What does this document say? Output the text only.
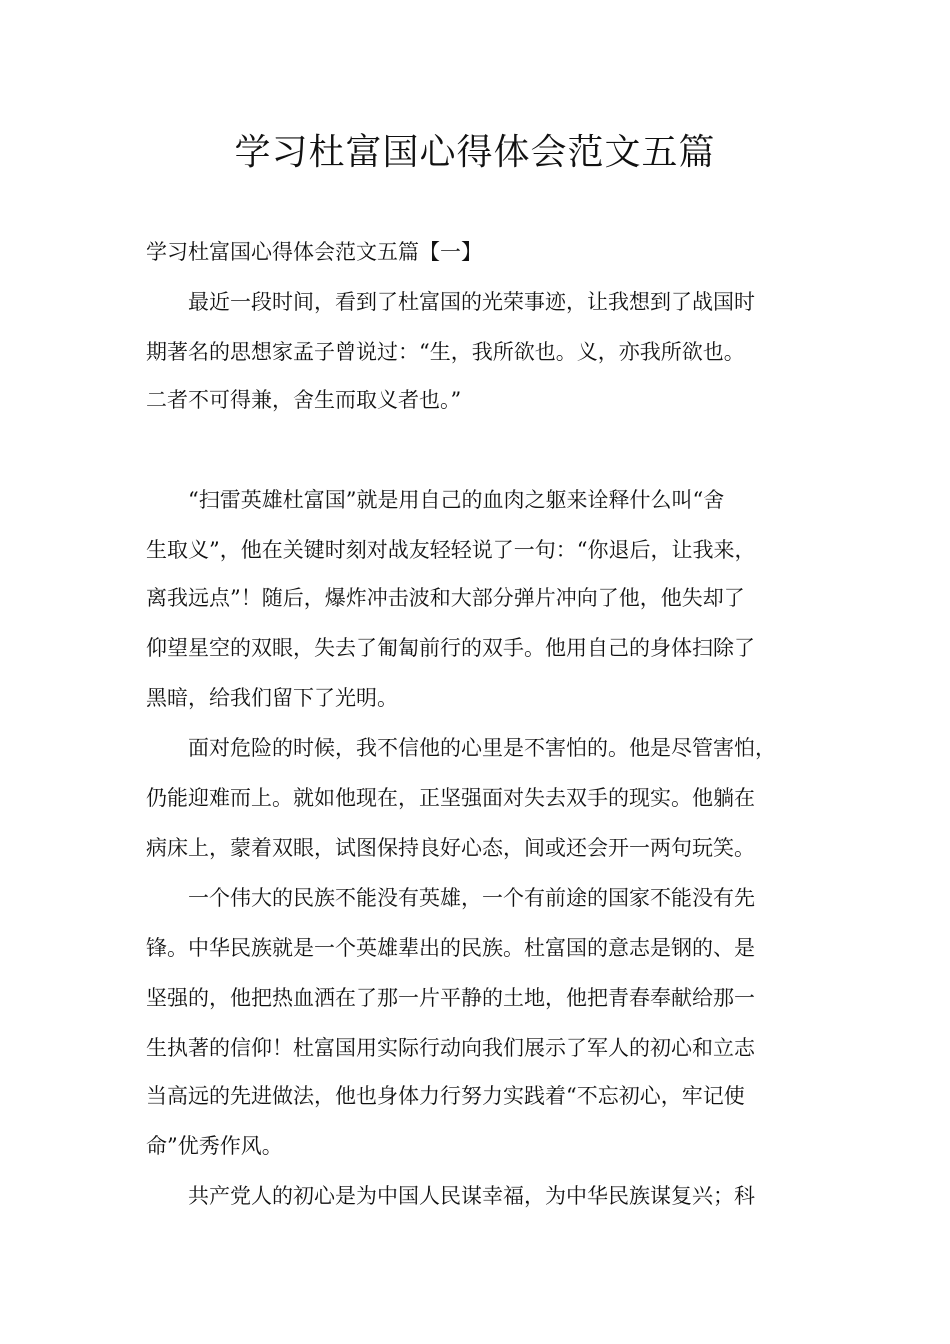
学习杜富国心得体会范文五篇

学习杜富国心得体会范文五篇【一】

最近一段时间，看到了杜富国的光荣事迹，让我想到了战国时
期著名的思想家孟子曾说过：“生，我所欲也。义，亦我所欲也。
二者不可得兼，舍生而取义者也。”
“扫雷英雄杜富国”就是用自己的血肉之躯来诠释什么叫“舍
生取义”，他在关键时刻对战友轻轻说了一句：“你退后，让我来，
离我远点”！随后，爆炸冲击波和大部分弹片冲向了他，他失却了
仰望星空的双眼，失去了匍匐前行的双手。他用自己的身体扫除了
黑暗，给我们留下了光明。
面对危险的时候，我不信他的心里是不害怕的。他是尽管害怕，
仍能迎难而上。就如他现在，正坚强面对失去双手的现实。他躺在
病床上，蒙着双眼，试图保持良好心态，间或还会开一两句玩笑。
一个伟大的民族不能没有英雄，一个有前途的国家不能没有先
锋。中华民族就是一个英雄辈出的民族。杜富国的意志是钢的、是
坚强的，他把热血洒在了那一片平静的土地，他把青春奉献给那一
生执著的信仰！杜富国用实际行动向我们展示了军人的初心和立志
当高远的先进做法，他也身体力行努力实践着“不忘初心，牢记使
命”优秀作风。
共产党人的初心是为中国人民谋幸福，为中华民族谋复兴；科
